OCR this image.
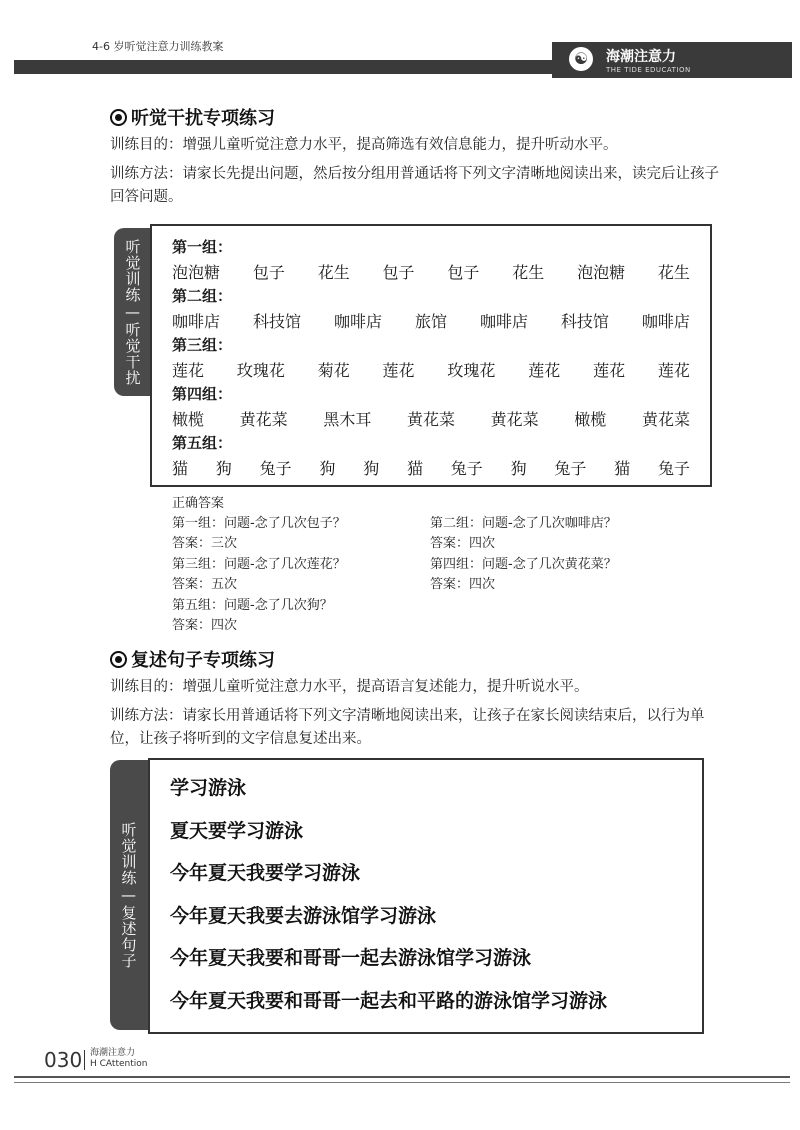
4-6 岁听觉注意力训练教案
☯	海潮注意力
THE TIDE EDUCATION
听觉干扰专项练习
训练目的：增强儿童听觉注意力水平，提高筛选有效信息能力，提升听动水平。
训练方法：请家长先提出问题，然后按分组用普通话将下列文字清晰地阅读出来，读完后让孩子回答问题。
听觉训练—听觉干扰	第一组：
泡泡糖 包子 花生 包子 包子 花生 泡泡糖 花生
第二组：
咖啡店 科技馆 咖啡店 旅馆 咖啡店 科技馆 咖啡店
第三组：
莲花 玫瑰花 菊花 莲花 玫瑰花 莲花 莲花 莲花
第四组：
橄榄 黄花菜 黑木耳 黄花菜 黄花菜 橄榄 黄花菜
第五组：
猫 狗 兔子 狗 狗 猫 兔子 狗 兔子 猫 兔子
正确答案
第一组：问题-念了几次包子？
答案：三次
第二组：问题-念了几次咖啡店？
答案：四次
第三组：问题-念了几次莲花？
答案：五次
第四组：问题-念了几次黄花菜？
答案：四次
第五组：问题-念了几次狗？
答案：四次
复述句子专项练习
训练目的：增强儿童听觉注意力水平，提高语言复述能力，提升听说水平。
训练方法：请家长用普通话将下列文字清晰地阅读出来，让孩子在家长阅读结束后，以行为单位，让孩子将听到的文字信息复述出来。
听觉训练—复述句子
学习游泳
夏天要学习游泳
今年夏天我要学习游泳
今年夏天我要去游泳馆学习游泳
今年夏天我要和哥哥一起去游泳馆学习游泳
今年夏天我要和哥哥一起去和平路的游泳馆学习游泳
030 海潮注意力
H CAttention
